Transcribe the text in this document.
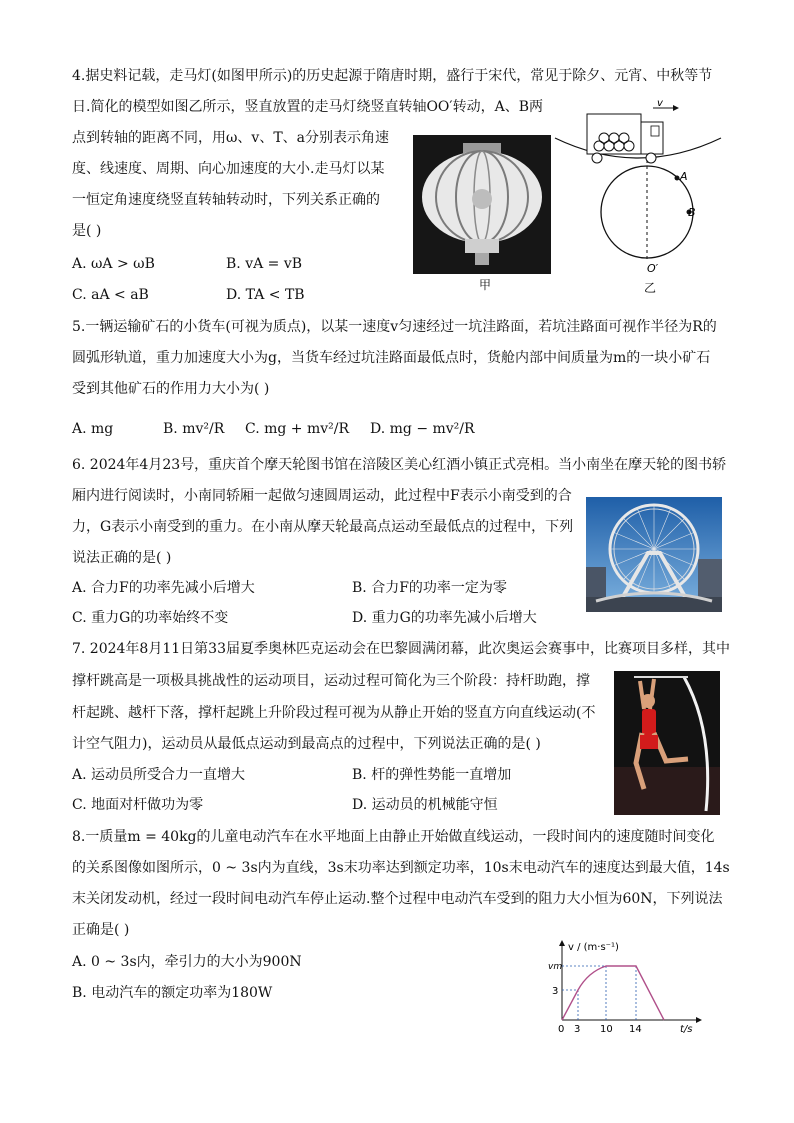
4.据史料记载，走马灯(如图甲所示)的历史起源于隋唐时期，盛行于宋代，常见于除夕、元宵、中秋等节
日.简化的模型如图乙所示，竖直放置的走马灯绕竖直转轴OO′转动，A、B两
点到转轴的距离不同，用ω、v、T、a分别表示角速
度、线速度、周期、向心加速度的大小.走马灯以某
一恒定角速度绕竖直转轴转动时，下列关系正确的
是( )
A. ωA > ωB	B. vA = vB
C. aA < aB	D. TA < TB
甲
v
A
B
O′
乙
5.一辆运输矿石的小货车(可视为质点)，以某一速度v匀速经过一坑洼路面，若坑洼路面可视作半径为R的
圆弧形轨道，重力加速度大小为g，当货车经过坑洼路面最低点时，货舱内部中间质量为m的一块小矿石
受到其他矿石的作用力大小为( )
A. mg	B. mv²/R C. mg + mv²/R D. mg − mv²/R
6. 2024年4月23号，重庆首个摩天轮图书馆在涪陵区美心红酒小镇正式亮相。当小南坐在摩天轮的图书轿
厢内进行阅读时，小南同轿厢一起做匀速圆周运动，此过程中F表示小南受到的合
力，G表示小南受到的重力。在小南从摩天轮最高点运动至最低点的过程中，下列
说法正确的是( )
A. 合力F的功率先减小后增大	B. 合力F的功率一定为零
C. 重力G的功率始终不变	D. 重力G的功率先减小后增大
7. 2024年8月11日第33届夏季奥林匹克运动会在巴黎圆满闭幕，此次奥运会赛事中，比赛项目多样，其中
撑杆跳高是一项极具挑战性的运动项目，运动过程可简化为三个阶段：持杆助跑，撑
杆起跳、越杆下落，撑杆起跳上升阶段过程可视为从静止开始的竖直方向直线运动(不
计空气阻力)，运动员从最低点运动到最高点的过程中，下列说法正确的是( )
A. 运动员所受合力一直增大	B. 杆的弹性势能一直增加
C. 地面对杆做功为零	D. 运动员的机械能守恒
8.一质量m = 40kg的儿童电动汽车在水平地面上由静止开始做直线运动，一段时间内的速度随时间变化
的关系图像如图所示，0 ~ 3s内为直线，3s末功率达到额定功率，10s末电动汽车的速度达到最大值，14s
末关闭发动机，经过一段时间电动汽车停止运动.整个过程中电动汽车受到的阻力大小恒为60N，下列说法
正确是( )
A. 0 ~ 3s内，牵引力的大小为900N
B. 电动汽车的额定功率为180W
v / (m·s⁻¹)
t/s
vm
3
0 3 10 14
